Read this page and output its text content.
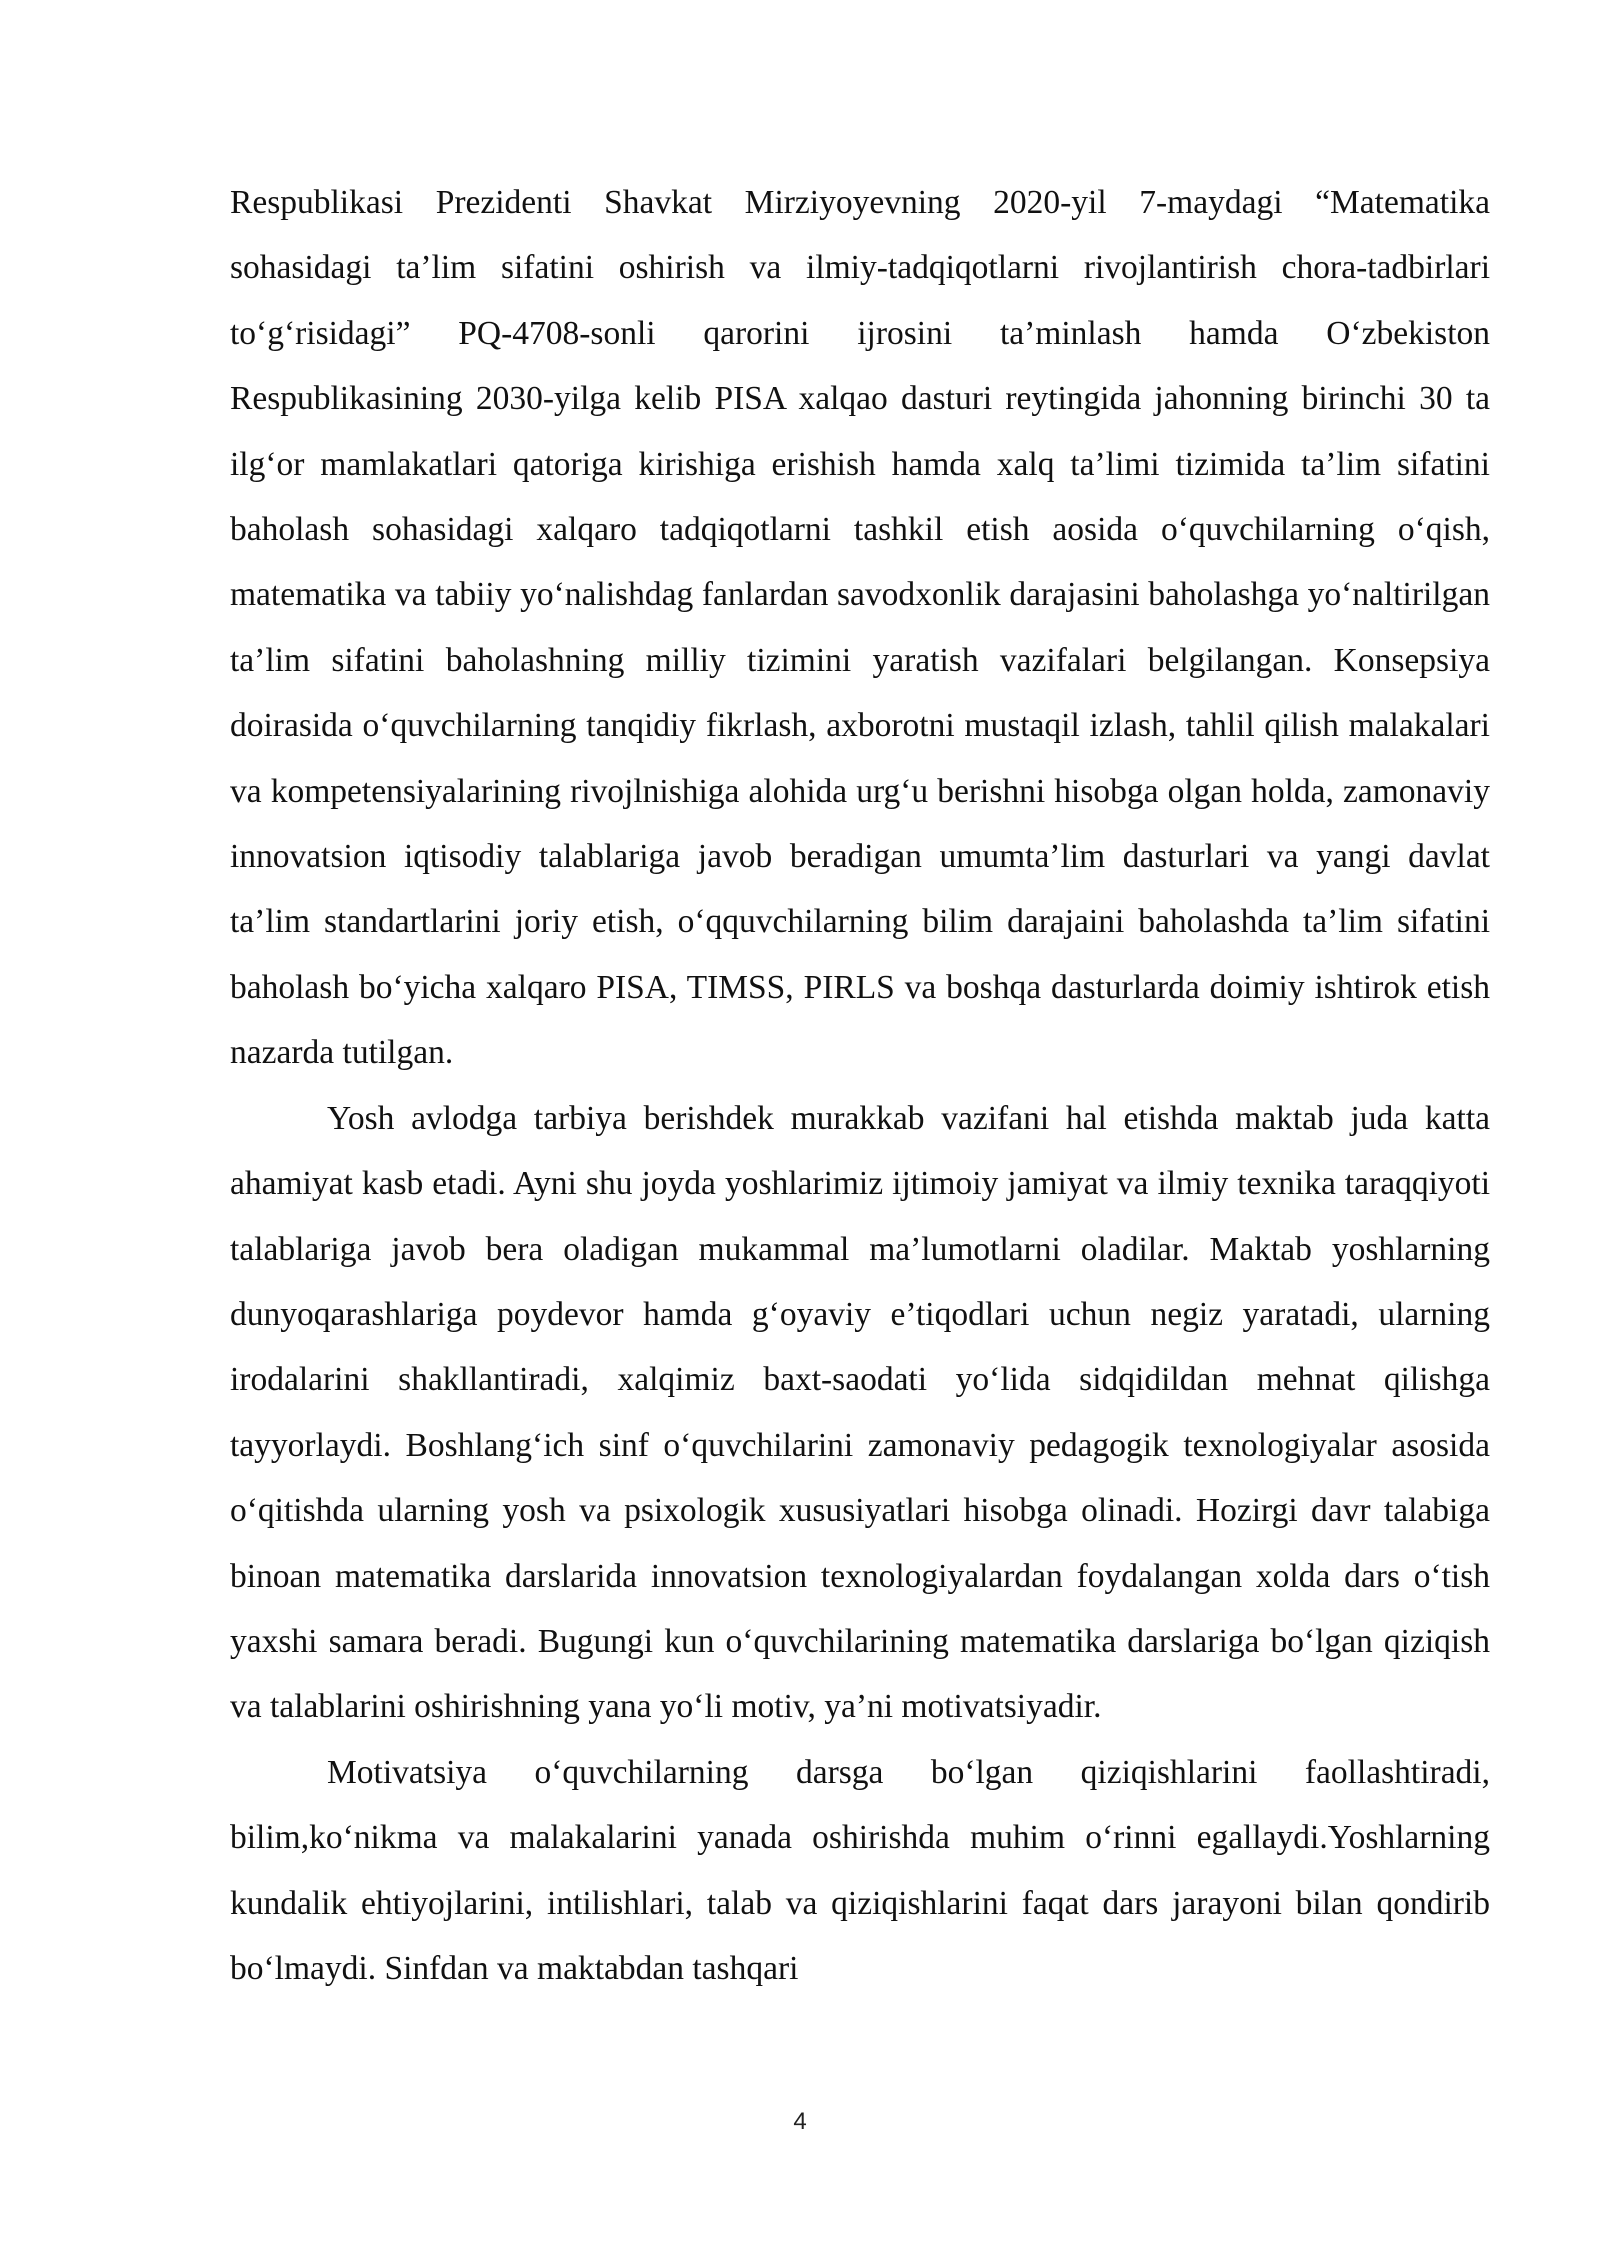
Respublikasi Prezidenti Shavkat Mirziyoyevning 2020-yil 7-maydagi “Matematika sohasidagi ta’lim sifatini oshirish va ilmiy-tadqiqotlarni rivojlantirish chora-tadbirlari to‘g‘risidagi” PQ-4708-sonli qarorini ijrosini ta’minlash hamda O‘zbekiston Respublikasining 2030-yilga kelib PISA xalqao dasturi reytingida jahonning birinchi 30 ta ilg‘or mamlakatlari qatoriga kirishiga erishish hamda xalq ta’limi tizimida ta’lim sifatini baholash sohasidagi xalqaro tadqiqotlarni tashkil etish aosida o‘quvchilarning o‘qish, matematika va tabiiy yo‘nalishdag fanlardan savodxonlik darajasini baholashga yo‘naltirilgan ta’lim sifatini baholashning milliy tizimini yaratish vazifalari belgilangan. Konsepsiya doirasida o‘quvchilarning tanqidiy fikrlash, axborotni mustaqil izlash, tahlil qilish malakalari va kompetensiyalarining rivojlnishiga alohida urg‘u berishni hisobga olgan holda, zamonaviy innovatsion iqtisodiy talablariga javob beradigan umumta’lim dasturlari va yangi davlat ta’lim standartlarini joriy etish, o‘qquvchilarning bilim darajaini baholashda ta’lim sifatini baholash bo‘yicha xalqaro PISA, TIMSS, PIRLS va boshqa dasturlarda doimiy ishtirok etish nazarda tutilgan.

Yosh avlodga tarbiya berishdek murakkab vazifani hal etishda maktab juda katta ahamiyat kasb etadi. Ayni shu joyda yoshlarimiz ijtimoiy jamiyat va ilmiy texnika taraqqiyoti talablariga javob bera oladigan mukammal ma’lumotlarni oladilar. Maktab yoshlarning dunyoqarashlariga poydevor hamda g‘oyaviy e’tiqodlari uchun negiz yaratadi, ularning irodalarini shakllantiradi, xalqimiz baxt-saodati yo‘lida sidqidildan mehnat qilishga tayyorlaydi. Boshlang‘ich sinf o‘quvchilarini zamonaviy pedagogik texnologiyalar asosida o‘qitishda ularning yosh va psixologik xususiyatlari hisobga olinadi. Hozirgi davr talabiga binoan matematika darslarida innovatsion texnologiyalardan foydalangan xolda dars o‘tish yaxshi samara beradi. Bugungi kun o‘quvchilarining matematika darslariga bo‘lgan qiziqish va talablarini oshirishning yana yo‘li motiv, ya’ni motivatsiyadir.

Motivatsiya o‘quvchilarning darsga bo‘lgan qiziqishlarini faollashtiradi, bilim,ko‘nikma va malakalarini yanada oshirishda muhim o‘rinni egallaydi.Yoshlarning kundalik ehtiyojlarini, intilishlari, talab va qiziqishlarini faqat dars jarayoni bilan qondirib bo‘lmaydi. Sinfdan va maktabdan tashqari

4
